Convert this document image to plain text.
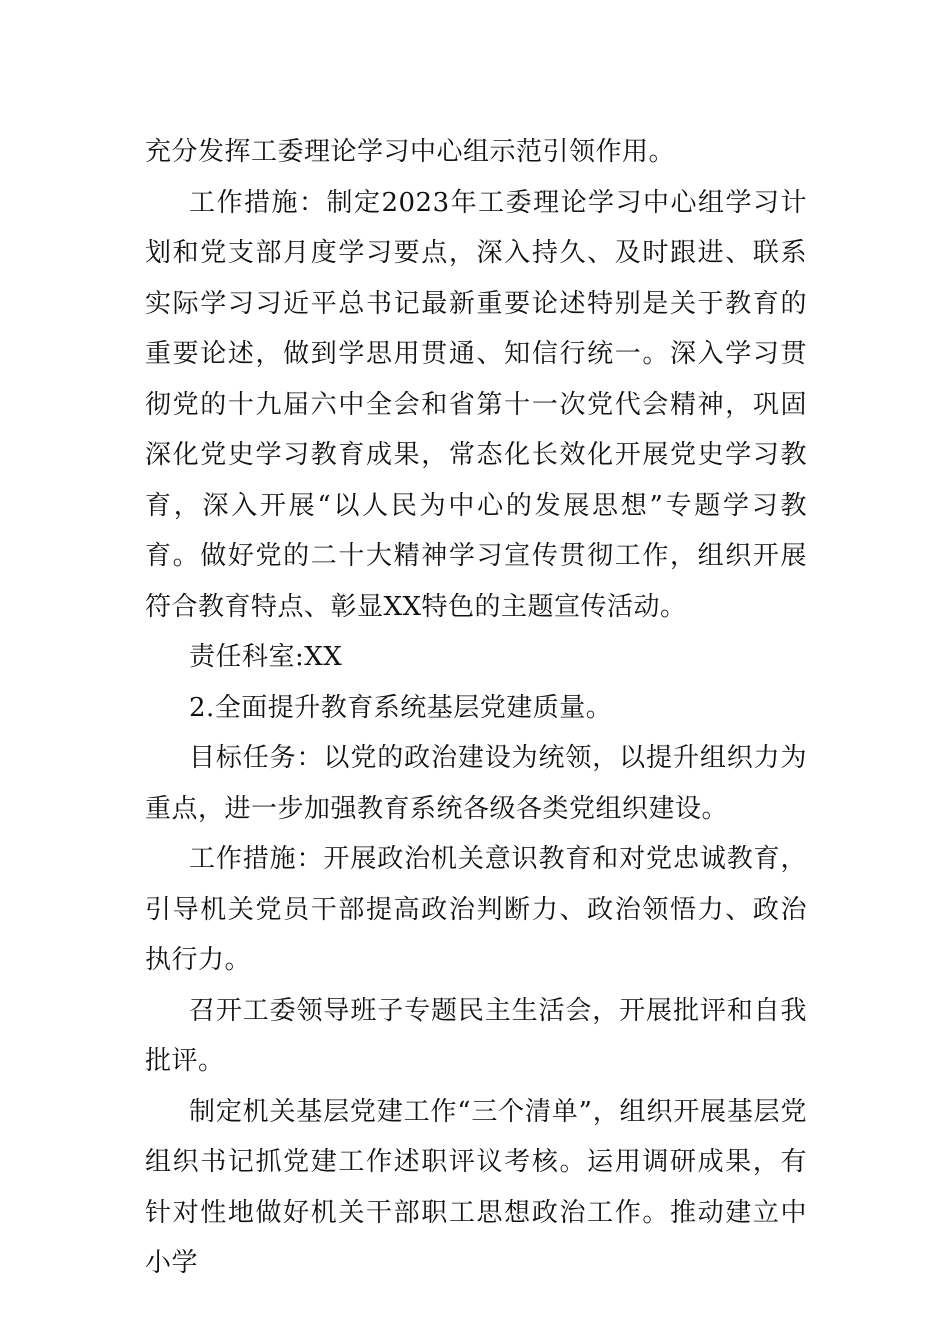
充分发挥工委理论学习中心组示范引领作用。

工作措施：制定2023年工委理论学习中心组学习计划和党支部月度学习要点，深入持久、及时跟进、联系实际学习习近平总书记最新重要论述特别是关于教育的重要论述，做到学思用贯通、知信行统一。深入学习贯彻党的十九届六中全会和省第十一次党代会精神，巩固深化党史学习教育成果，常态化长效化开展党史学习教育，深入开展“以人民为中心的发展思想”专题学习教育。做好党的二十大精神学习宣传贯彻工作，组织开展符合教育特点、彰显XX特色的主题宣传活动。

责任科室:XX

2.全面提升教育系统基层党建质量。

目标任务：以党的政治建设为统领，以提升组织力为重点，进一步加强教育系统各级各类党组织建设。

工作措施：开展政治机关意识教育和对党忠诚教育，引导机关党员干部提高政治判断力、政治领悟力、政治执行力。

召开工委领导班子专题民主生活会，开展批评和自我批评。

制定机关基层党建工作“三个清单”，组织开展基层党组织书记抓党建工作述职评议考核。运用调研成果，有针对性地做好机关干部职工思想政治工作。推动建立中小学
